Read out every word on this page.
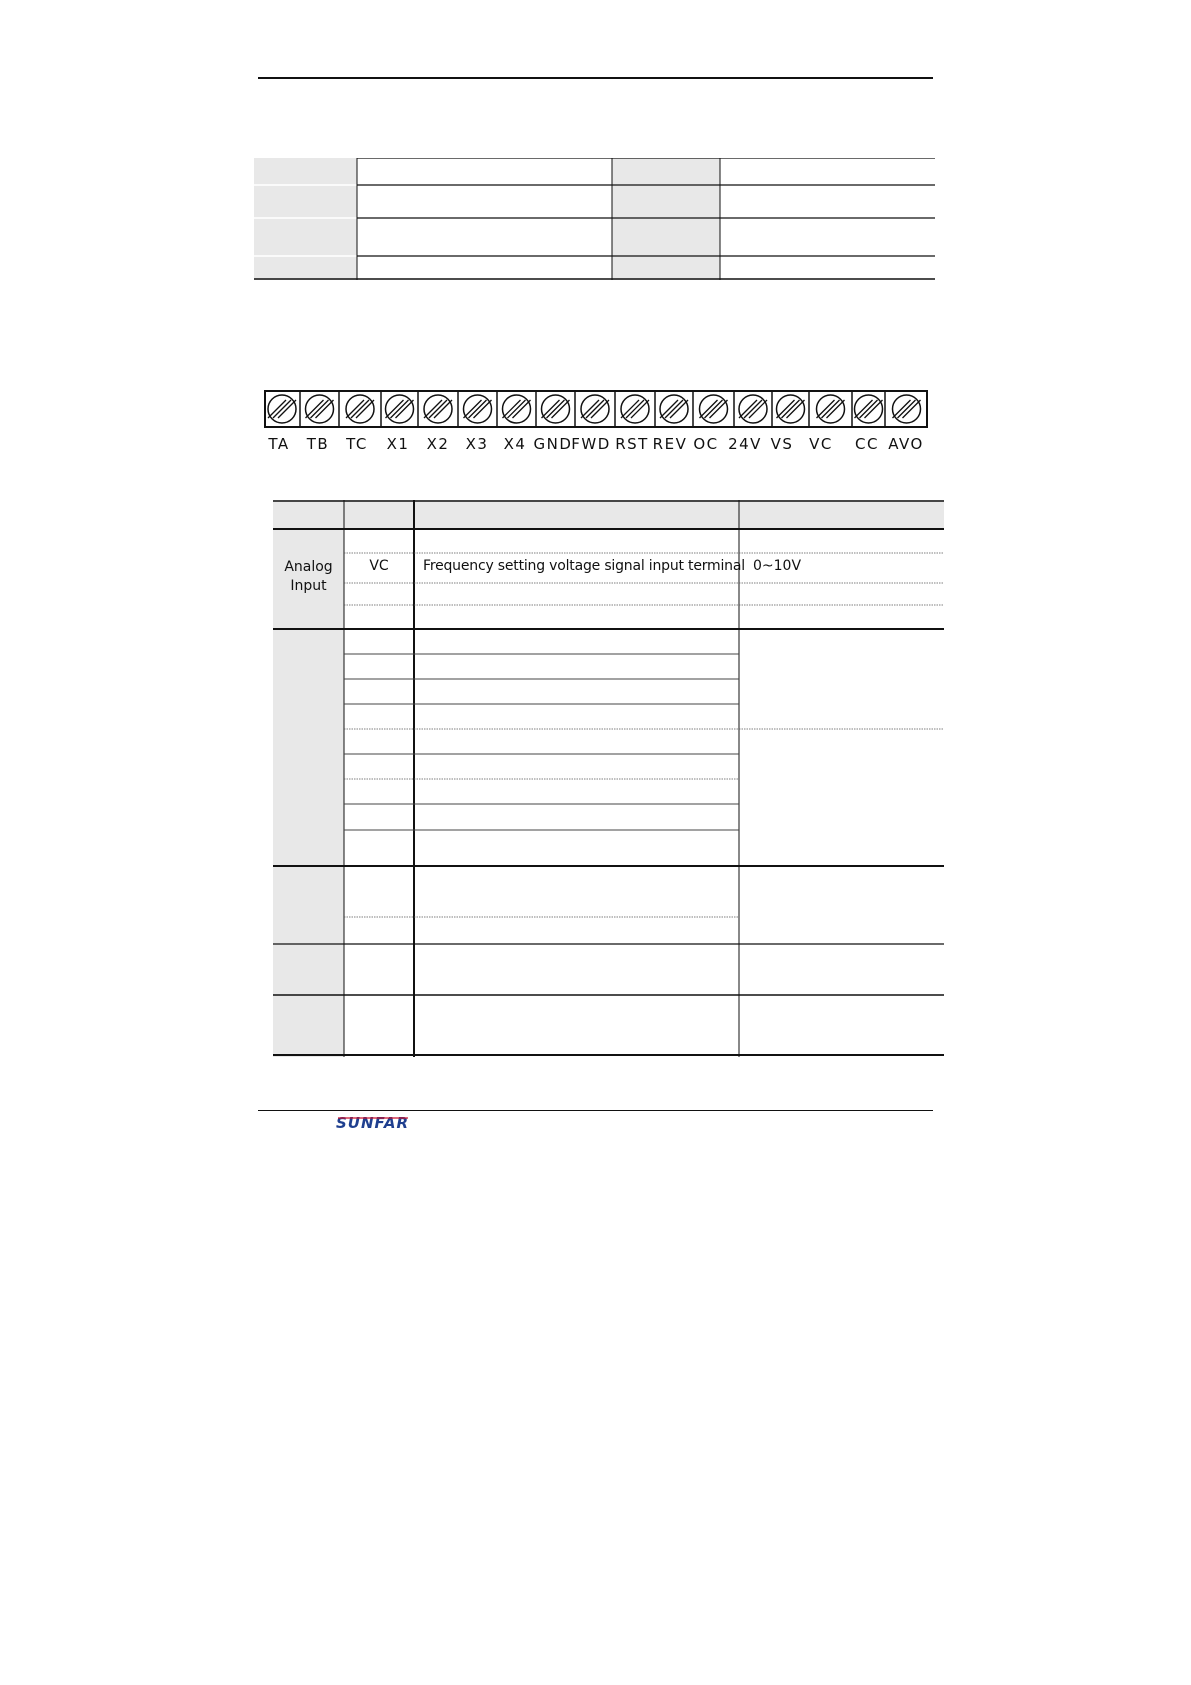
TA TB TC X1 X2 X3 X4 GND
FWD RST REV OC 24V VS VC CC AVO
Analog Input
VC	Frequency setting voltage signal input terminal 0~10V
SUNFAR
